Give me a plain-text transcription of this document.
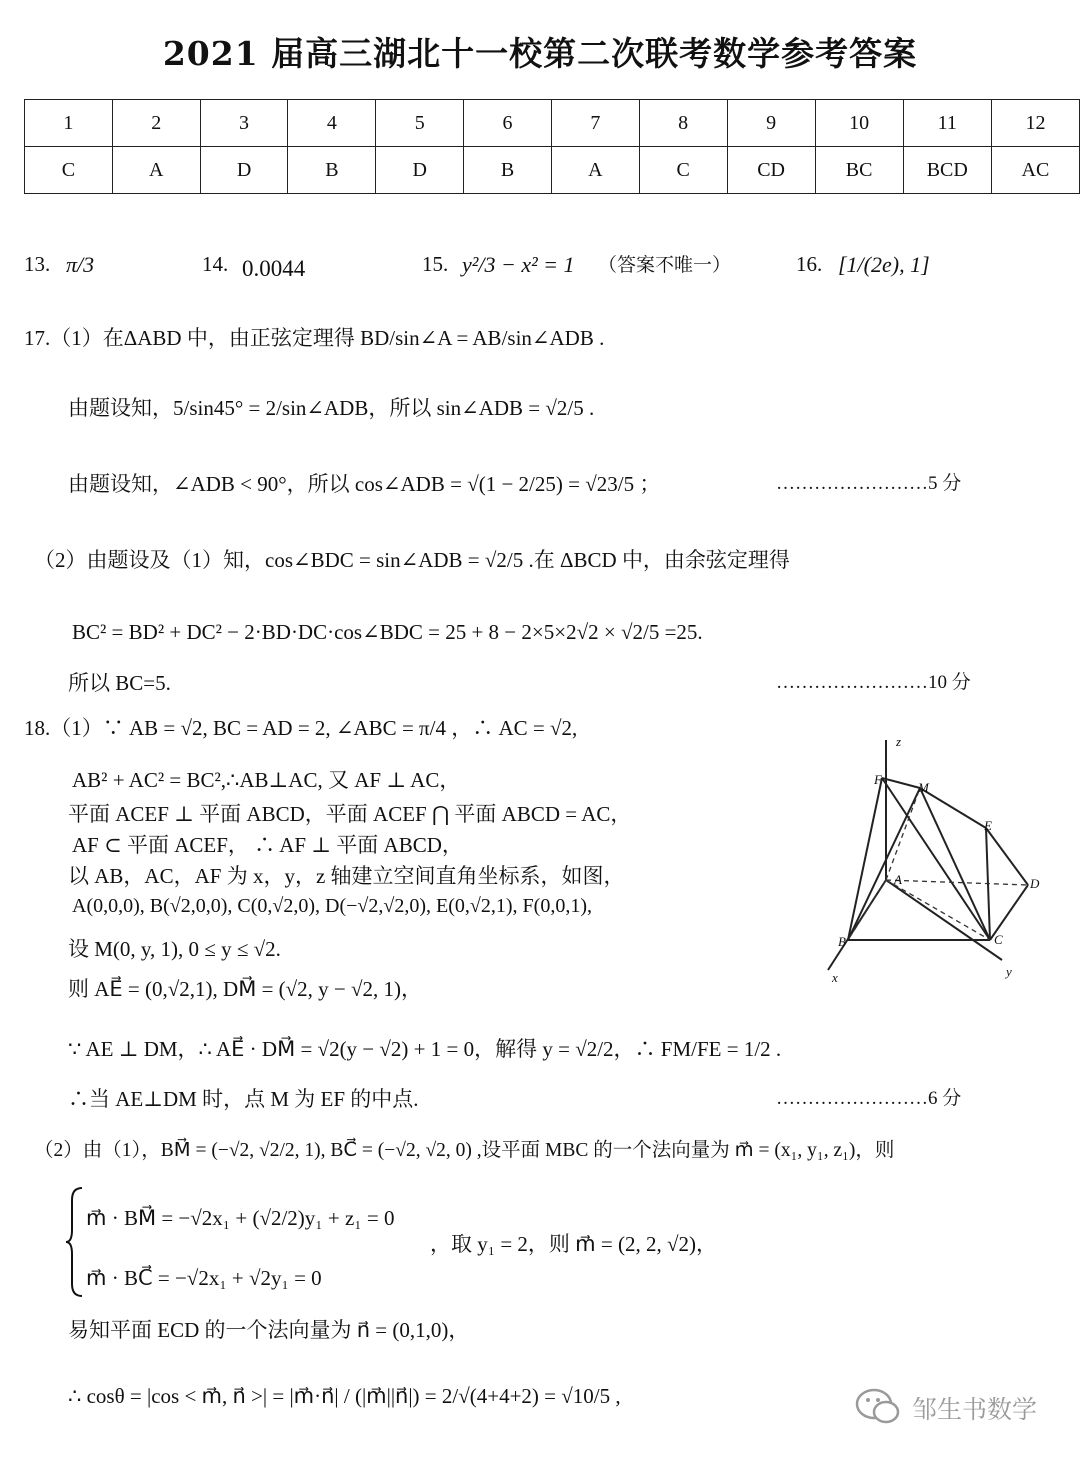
2021 届高三湖北十一校第二次联考数学参考答案
1	2	3	4	5	6	7	8	9	10	11	12
C	A	D	B	D	B	A	C	CD	BC	BCD	AC
13. π/3	14. 0.0044	15. y²/3 − x² = 1 （答案不唯一）	16. [1/(2e), 1]
17.（1）在ΔABD 中，由正弦定理得 BD/sin∠A = AB/sin∠ADB .
由题设知，5/sin45° = 2/sin∠ADB，所以 sin∠ADB = √2/5 .
由题设知，∠ADB < 90°，所以 cos∠ADB = √(1 − 2/25) = √23/5 ；	……………………5 分
（2）由题设及（1）知，cos∠BDC = sin∠ADB = √2/5 .在 ΔBCD 中，由余弦定理得
BC² = BD² + DC² − 2·BD·DC·cos∠BDC = 25 + 8 − 2×5×2√2 × √2/5 =25.
所以 BC=5.	……………………10 分
18.（1）∵ AB = √2, BC = AD = 2, ∠ABC = π/4 ，∴ AC = √2,
AB² + AC² = BC²,∴AB⊥AC, 又 AF ⊥ AC，
平面 ACEF ⊥ 平面 ABCD，平面 ACEF ⋂ 平面 ABCD = AC，
AF ⊂ 平面 ACEF， ∴ AF ⊥ 平面 ABCD，
以 AB，AC，AF 为 x，y，z 轴建立空间直角坐标系，如图，
A(0,0,0), B(√2,0,0), C(0,√2,0), D(−√2,√2,0), E(0,√2,1), F(0,0,1),
设 M(0, y, 1), 0 ≤ y ≤ √2.
则 AE⃗ = (0,√2,1), DM⃗ = (√2, y − √2, 1)，
∵ AE ⊥ DM，∴ AE⃗ · DM⃗ = √2(y − √2) + 1 = 0，解得 y = √2/2，∴ FM/FE = 1/2 .
∴当 AE⊥DM 时，点 M 为 EF 的中点.	……………………6 分
（2）由（1），BM⃗ = (−√2, √2/2, 1), BC⃗ = (−√2, √2, 0) ,设平面 MBC 的一个法向量为 m⃗ = (x₁, y₁, z₁)，则
m⃗ · BM⃗ = −√2x₁ + (√2/2)y₁ + z₁ = 0
m⃗ · BC⃗ = −√2x₁ + √2y₁ = 0
，取 y₁ = 2，则 m⃗ = (2, 2, √2)，
易知平面 ECD 的一个法向量为 n⃗ = (0,1,0)，
∴ cosθ = |cos < m⃗, n⃗ >| = |m⃗·n⃗| / (|m⃗||n⃗|) = 2/√(4+4+2) = √10/5 ,
z
F
M
E
A	D
B	C
x	y
邹生书数学
